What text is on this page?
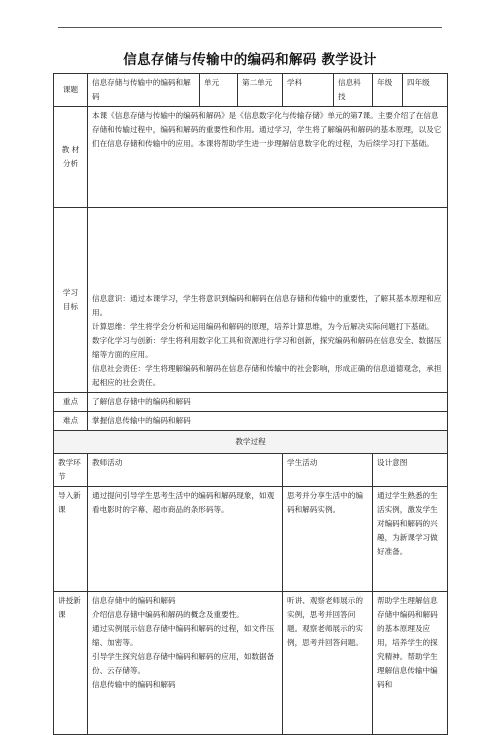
信息存储与传输中的编码和解码 教学设计
课题	信息存储与传输中的编码和解码	单元	第二单元	学科	信息科技	年级	四年级
教 材 分析	本课《信息存储与传输中的编码和解码》是《信息数字化与传输存储》单元的第7课。主要介绍了在信息存储和传输过程中，编码和解码的重要性和作用。通过学习，学生将了解编码和解码的基本原理，以及它们在信息存储和传输中的应用。本课将帮助学生进一步理解信息数字化的过程，为后续学习打下基础。						
学习 目标	信息意识：通过本课学习，学生将意识到编码和解码在信息存储和传输中的重要性，了解其基本原理和应用。

计算思维：学生将学会分析和运用编码和解码的原理，培养计算思维，为今后解决实际问题打下基础。

数字化学习与创新：学生将利用数字化工具和资源进行学习和创新，探究编码和解码在信息安全、数据压缩等方面的应用。

信息社会责任：学生将理解编码和解码在信息存储和传输中的社会影响，形成正确的信息道德观念，承担起相应的社会责任。						

重点	了解信息存储中的编码和解码						
难点	掌握信息传输中的编码和解码						
教学过程							
教学环节	教师活动			学生活动		设计意图	
导入新课	通过提问引导学生思考生活中的编码和解码现象，如观看电影时的字幕、超市商品的条形码等。			思考并分享生活中的编码和解码实例。		通过学生熟悉的生活实例，激发学生对编码和解码的兴趣，为新课学习做好准备。	
讲授新课	信息存储中的编码和解码

介绍信息存储中编码和解码的概念及重要性。

通过实例展示信息存储中编码和解码的过程，如文件压缩、加密等。

引导学生探究信息存储中编码和解码的应用，如数据备份、云存储等。

信息传输中的编码和解码			听讲、观察老师展示的实例，思考并回答问题。观察老师展示的实例，思考并回答问题。		帮助学生理解信息存储中编码和解码的基本原理及应用，培养学生的探究精神。帮助学生理解信息传输中编码和	
